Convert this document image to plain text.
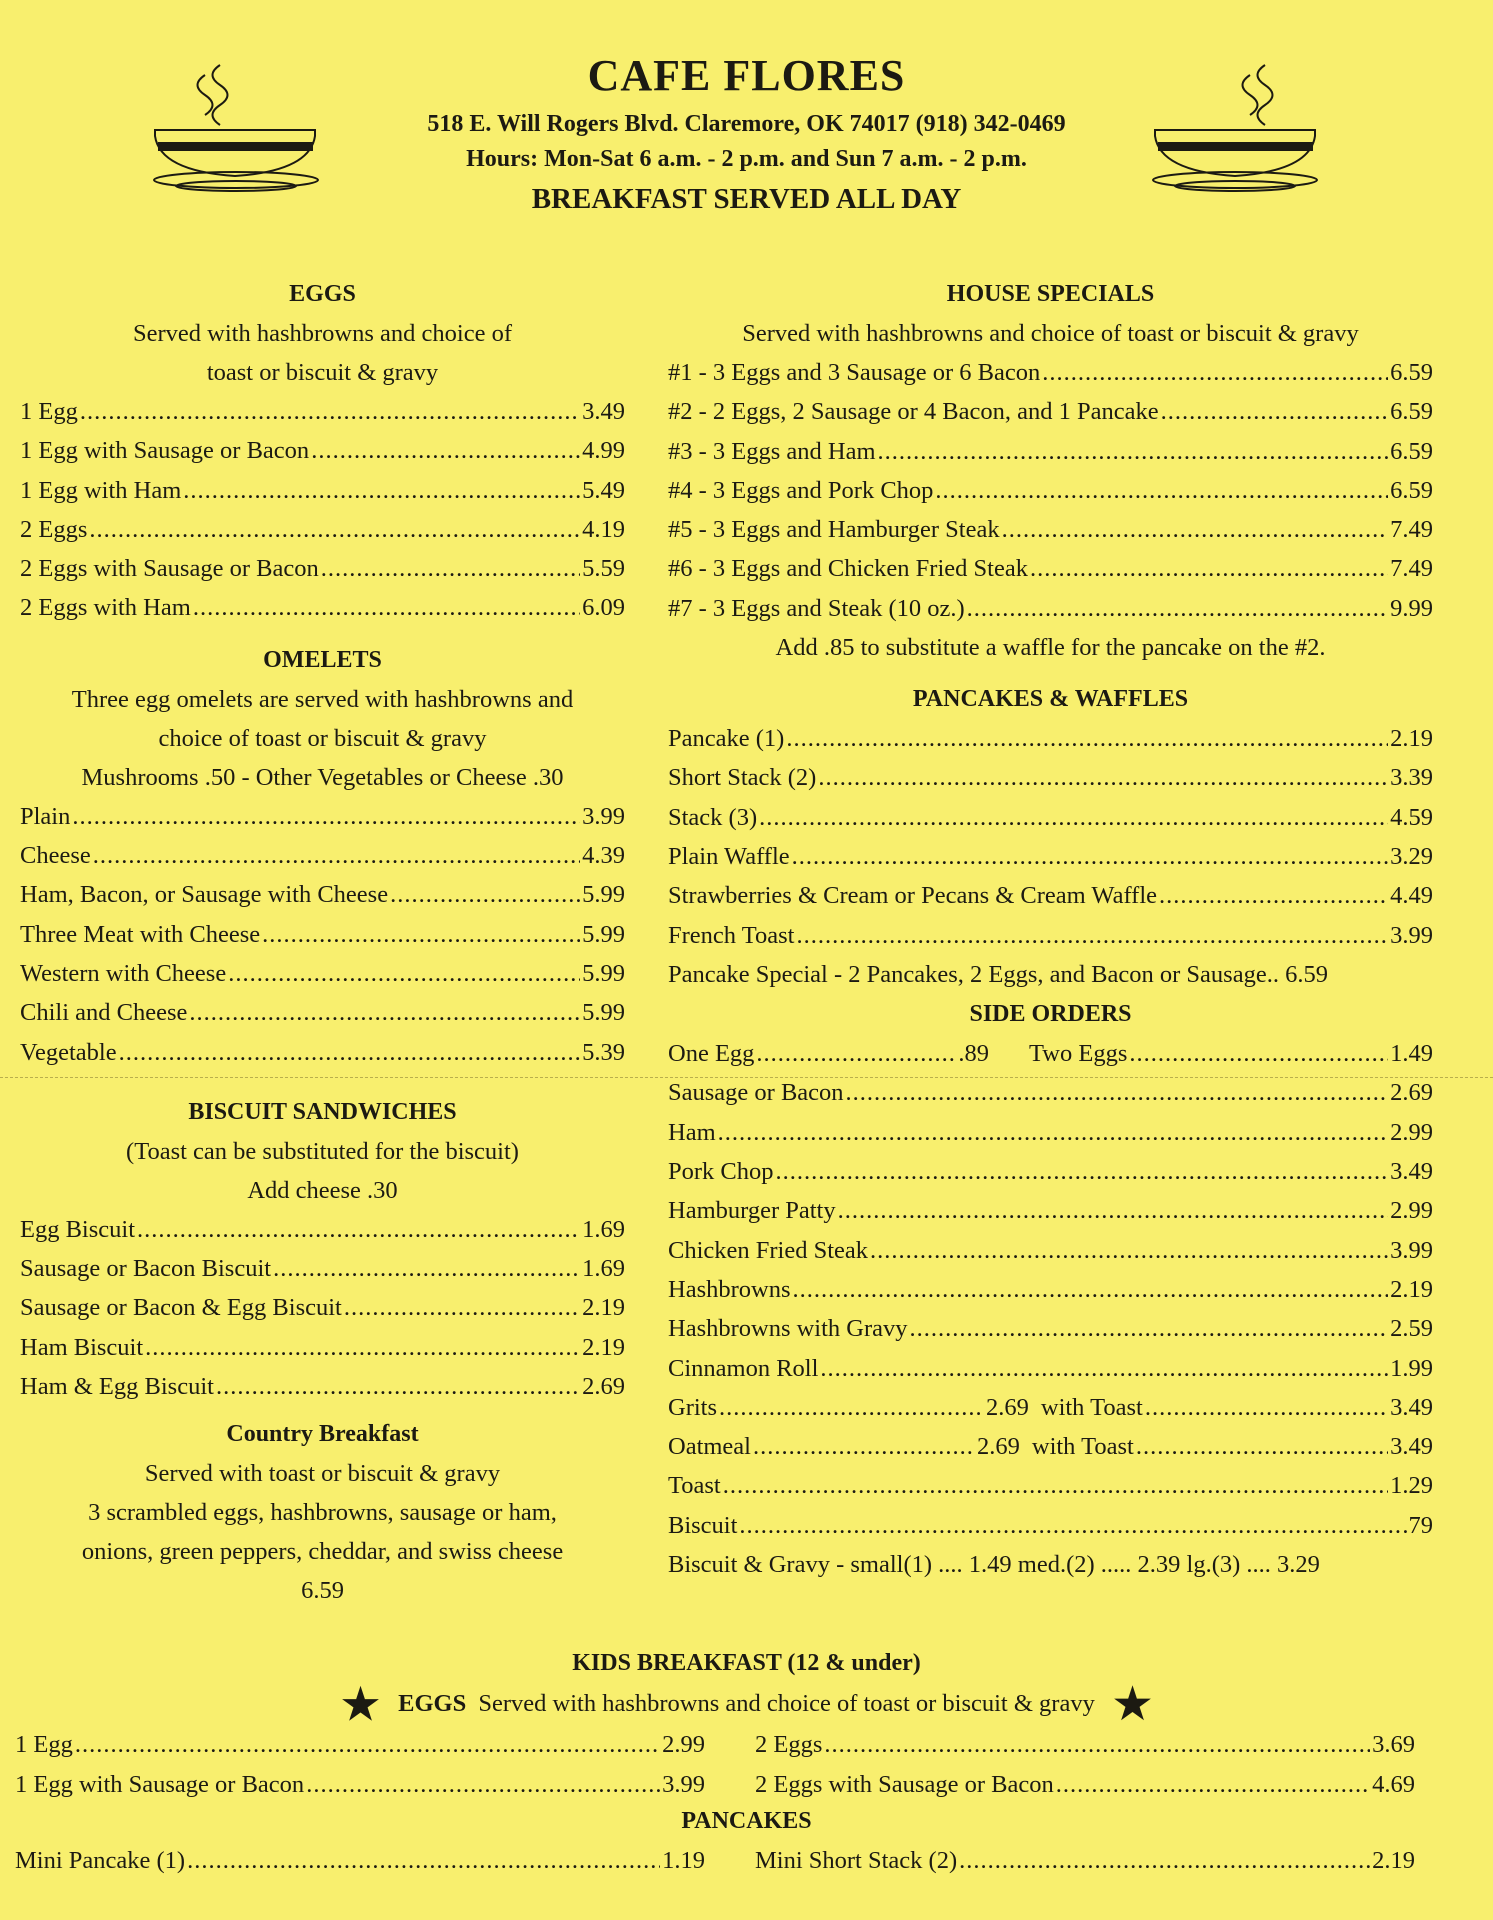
CAFE FLORES
518 E. Will Rogers Blvd. Claremore, OK 74017 (918) 342-0469
Hours: Mon-Sat 6 a.m. - 2 p.m. and Sun 7 a.m. - 2 p.m.
BREAKFAST SERVED ALL DAY
EGGS
Served with hashbrowns and choice of
toast or biscuit & gravy
1 Egg .....	3.49
1 Egg with Sausage or Bacon .....	4.99
1 Egg with Ham .....	5.49
2 Eggs .....	4.19
2 Eggs with Sausage or Bacon .....	5.59
2 Eggs with Ham .....	6.09
OMELETS
Three egg omelets are served with hashbrowns and
choice of toast or biscuit & gravy
Mushrooms .50 - Other Vegetables or Cheese .30
Plain .....	3.99
Cheese .....	4.39
Ham, Bacon, or Sausage with Cheese .....	5.99
Three Meat with Cheese .....	5.99
Western with Cheese .....	5.99
Chili and Cheese .....	5.99
Vegetable .....	5.39
BISCUIT SANDWICHES
(Toast can be substituted for the biscuit)
Add cheese .30
Egg Biscuit .....	1.69
Sausage or Bacon Biscuit .....	1.69
Sausage or Bacon & Egg Biscuit .....	2.19
Ham Biscuit .....	2.19
Ham & Egg Biscuit .....	2.69
Country Breakfast
Served with toast or biscuit & gravy
3 scrambled eggs, hashbrowns, sausage or ham,
onions, green peppers, cheddar, and swiss cheese
6.59
HOUSE SPECIALS
Served with hashbrowns and choice of toast or biscuit & gravy
#1 - 3 Eggs and 3 Sausage or 6 Bacon .....	6.59
#2 - 2 Eggs, 2 Sausage or 4 Bacon, and 1 Pancake .....	6.59
#3 - 3 Eggs and Ham .....	6.59
#4 - 3 Eggs and Pork Chop .....	6.59
#5 - 3 Eggs and Hamburger Steak .....	7.49
#6 - 3 Eggs and Chicken Fried Steak .....	7.49
#7 - 3 Eggs and Steak (10 oz.) .....	9.99
Add .85 to substitute a waffle for the pancake on the #2.
PANCAKES & WAFFLES
Pancake (1) .....	2.19
Short Stack (2) .....	3.39
Stack (3) .....	4.59
Plain Waffle .....	3.29
Strawberries & Cream or Pecans & Cream Waffle .....	4.49
French Toast .....	3.99
Pancake Special - 2 Pancakes, 2 Eggs, and Bacon or Sausage.. 6.59
SIDE ORDERS
One Egg .....	.89 Two Eggs .....	1.49
Sausage or Bacon .....	2.69
Ham .....	2.99
Pork Chop .....	3.49
Hamburger Patty .....	2.99
Chicken Fried Steak .....	3.99
Hashbrowns .....	2.19
Hashbrowns with Gravy .....	2.59
Cinnamon Roll .....	1.99
Grits .....	2.69 with Toast .....	3.49
Oatmeal .....	2.69 with Toast .....	3.49
Toast .....	1.29
Biscuit .....	.79
Biscuit & Gravy - small(1) .... 1.49 med.(2) ..... 2.39 lg.(3) .... 3.29
KIDS BREAKFAST (12 & under)
★ EGGS Served with hashbrowns and choice of toast or biscuit & gravy ★
1 Egg .....	2.99 2 Eggs .....	3.69
1 Egg with Sausage or Bacon .....	3.99 2 Eggs with Sausage or Bacon .....	4.69
PANCAKES
Mini Pancake (1) .....	1.19 Mini Short Stack (2) .....	2.19
